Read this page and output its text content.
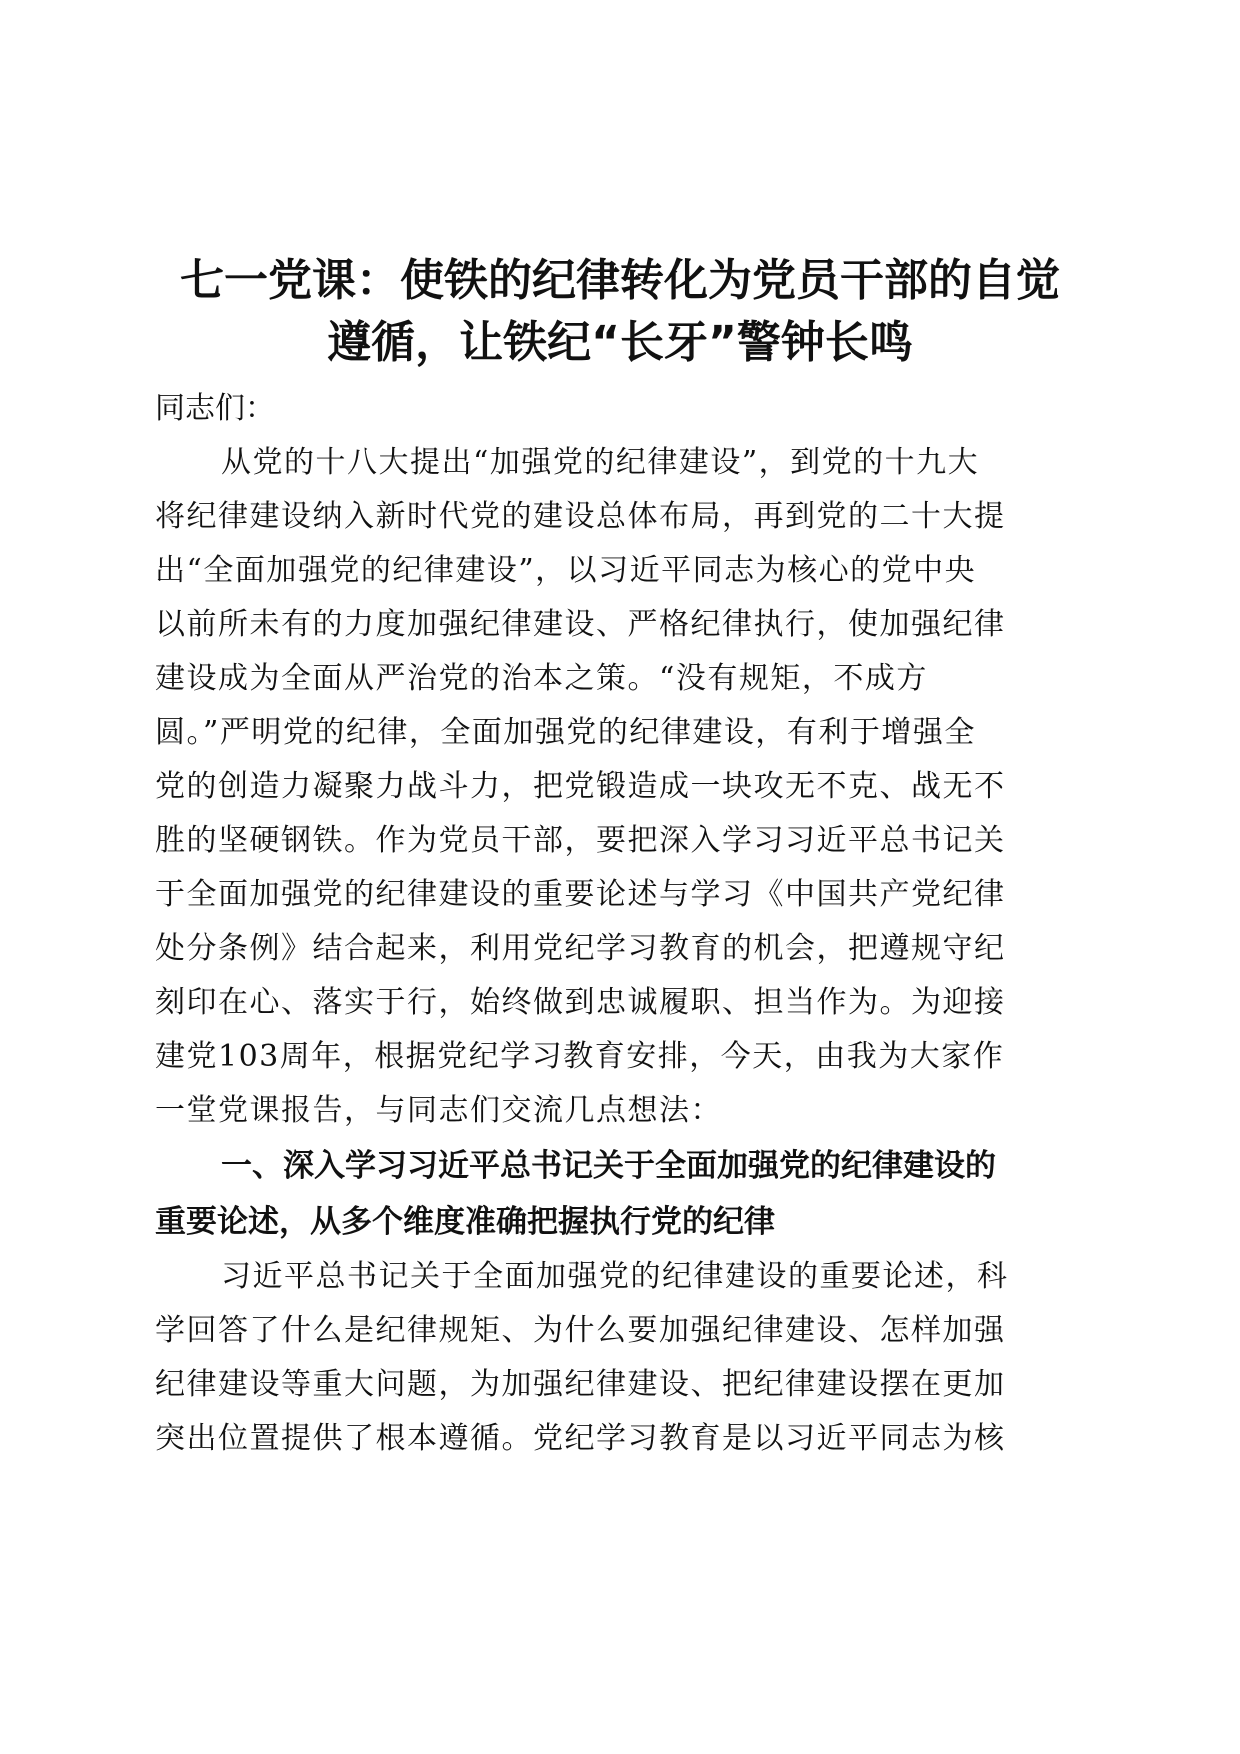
七一党课：使铁的纪律转化为党员干部的自觉
遵循，让铁纪“长牙”警钟长鸣

同志们：

从党的十八大提出“加强党的纪律建设”，到党的十九大
将纪律建设纳入新时代党的建设总体布局，再到党的二十大提
出“全面加强党的纪律建设”，以习近平同志为核心的党中央
以前所未有的力度加强纪律建设、严格纪律执行，使加强纪律
建设成为全面从严治党的治本之策。“没有规矩，不成方
圆。”严明党的纪律，全面加强党的纪律建设，有利于增强全
党的创造力凝聚力战斗力，把党锻造成一块攻无不克、战无不
胜的坚硬钢铁。作为党员干部，要把深入学习习近平总书记关
于全面加强党的纪律建设的重要论述与学习《中国共产党纪律
处分条例》结合起来，利用党纪学习教育的机会，把遵规守纪
刻印在心、落实于行，始终做到忠诚履职、担当作为。为迎接
建党103周年，根据党纪学习教育安排，今天，由我为大家作
一堂党课报告，与同志们交流几点想法：

一、深入学习习近平总书记关于全面加强党的纪律建设的
重要论述，从多个维度准确把握执行党的纪律

习近平总书记关于全面加强党的纪律建设的重要论述，科
学回答了什么是纪律规矩、为什么要加强纪律建设、怎样加强
纪律建设等重大问题，为加强纪律建设、把纪律建设摆在更加
突出位置提供了根本遵循。党纪学习教育是以习近平同志为核
